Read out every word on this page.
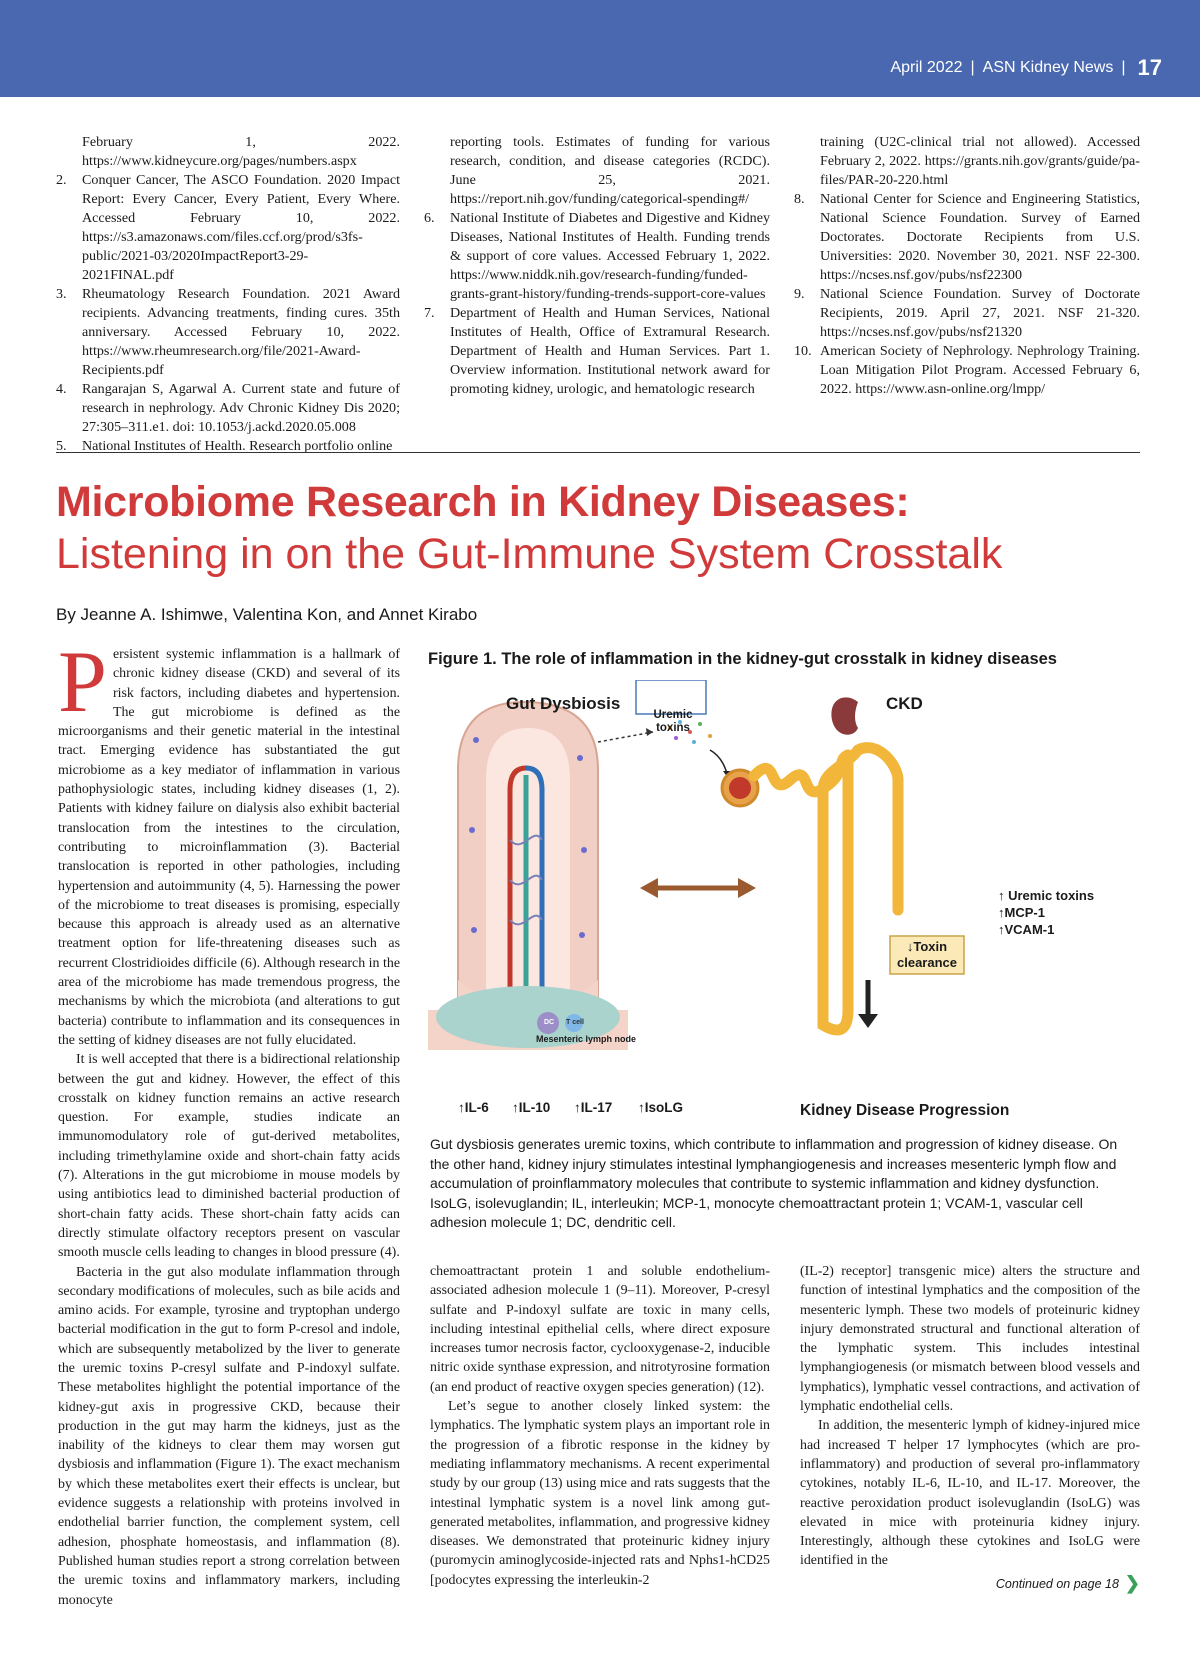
April 2022 | ASN Kidney News | 17
February 1, 2022. https://www.kidneycure.org/pages/numbers.aspx
2. Conquer Cancer, The ASCO Foundation. 2020 Impact Report: Every Cancer, Every Patient, Every Where. Accessed February 10, 2022. https://s3.amazonaws.com/files.ccf.org/prod/s3fs-public/2021-03/2020ImpactReport3-29-2021FINAL.pdf
3. Rheumatology Research Foundation. 2021 Award recipients. Advancing treatments, finding cures. 35th anniversary. Accessed February 10, 2022. https://www.rheumresearch.org/file/2021-Award-Recipients.pdf
4. Rangarajan S, Agarwal A. Current state and future of research in nephrology. Adv Chronic Kidney Dis 2020; 27:305–311.e1. doi: 10.1053/j.ackd.2020.05.008
5. National Institutes of Health. Research portfolio online
reporting tools. Estimates of funding for various research, condition, and disease categories (RCDC). June 25, 2021. https://report.nih.gov/funding/categorical-spending#/
6. National Institute of Diabetes and Digestive and Kidney Diseases, National Institutes of Health. Funding trends & support of core values. Accessed February 1, 2022. https://www.niddk.nih.gov/research-funding/funded-grants-grant-history/funding-trends-support-core-values
7. Department of Health and Human Services, National Institutes of Health, Office of Extramural Research. Department of Health and Human Services. Part 1. Overview information. Institutional network award for promoting kidney, urologic, and hematologic research
training (U2C-clinical trial not allowed). Accessed February 2, 2022. https://grants.nih.gov/grants/guide/pa-files/PAR-20-220.html
8. National Center for Science and Engineering Statistics, National Science Foundation. Survey of Earned Doctorates. Doctorate Recipients from U.S. Universities: 2020. November 30, 2021. NSF 22-300. https://ncses.nsf.gov/pubs/nsf22300
9. National Science Foundation. Survey of Doctorate Recipients, 2019. April 27, 2021. NSF 21-320. https://ncses.nsf.gov/pubs/nsf21320
10. American Society of Nephrology. Nephrology Training. Loan Mitigation Pilot Program. Accessed February 6, 2022. https://www.asn-online.org/lmpp/
Microbiome Research in Kidney Diseases:
Listening in on the Gut-Immune System Crosstalk
By Jeanne A. Ishimwe, Valentina Kon, and Annet Kirabo

Persistent systemic inflammation is a hallmark of chronic kidney disease (CKD) and several of its risk factors, including diabetes and hypertension. The gut microbiome is defined as the microorganisms and their genetic material in the intestinal tract. Emerging evidence has substantiated the gut microbiome as a key mediator of inflammation in various pathophysiologic states, including kidney diseases (1, 2). Patients with kidney failure on dialysis also exhibit bacterial translocation from the intestines to the circulation, contributing to microinflammation (3). Bacterial translocation is reported in other pathologies, including hypertension and autoimmunity (4, 5). Harnessing the power of the microbiome to treat diseases is promising, especially because this approach is already used as an alternative treatment option for life-threatening diseases such as recurrent Clostridioides difficile (6). Although research in the area of the microbiome has made tremendous progress, the mechanisms by which the microbiota (and alterations to gut bacteria) contribute to inflammation and its consequences in the setting of kidney diseases are not fully elucidated.

It is well accepted that there is a bidirectional relationship between the gut and kidney. However, the effect of this crosstalk on kidney function remains an active research question. For example, studies indicate an immunomodulatory role of gut-derived metabolites, including trimethylamine oxide and short-chain fatty acids (7). Alterations in the gut microbiome in mouse models by using antibiotics lead to diminished bacterial production of short-chain fatty acids. These short-chain fatty acids can directly stimulate olfactory receptors present on vascular smooth muscle cells leading to changes in blood pressure (4).

Bacteria in the gut also modulate inflammation through secondary modifications of molecules, such as bile acids and amino acids. For example, tyrosine and tryptophan undergo bacterial modification in the gut to form P-cresol and indole, which are subsequently metabolized by the liver to generate the uremic toxins P-cresyl sulfate and P-indoxyl sulfate. These metabolites highlight the potential importance of the kidney-gut axis in progressive CKD, because their production in the gut may harm the kidneys, just as the inability of the kidneys to clear them may worsen gut dysbiosis and inflammation (Figure 1). The exact mechanism by which these metabolites exert their effects is unclear, but evidence suggests a relationship with proteins involved in endothelial barrier function, the complement system, cell adhesion, phosphate homeostasis, and inflammation (8). Published human studies report a strong correlation between the uremic toxins and inflammatory markers, including monocyte

Figure 1. The role of inflammation in the kidney-gut crosstalk in kidney diseases
Gut Dysbiosis	CKD
Uremic toxins
↑ Uremic toxins
↑MCP-1
↑VCAM-1
↓Toxin clearance
Mesenteric lymph node
DC T cell
↑IL-6 ↑IL-10 ↑IL-17 ↑IsoLG	Kidney Disease Progression
Gut dysbiosis generates uremic toxins, which contribute to inflammation and progression of kidney disease. On the other hand, kidney injury stimulates intestinal lymphangiogenesis and increases mesenteric lymph flow and accumulation of proinflammatory molecules that contribute to systemic inflammation and kidney dysfunction. IsoLG, isolevuglandin; IL, interleukin; MCP-1, monocyte chemoattractant protein 1; VCAM-1, vascular cell adhesion molecule 1; DC, dendritic cell.

chemoattractant protein 1 and soluble endothelium-associated adhesion molecule 1 (9–11). Moreover, P-cresyl sulfate and P-indoxyl sulfate are toxic in many cells, including intestinal epithelial cells, where direct exposure increases tumor necrosis factor, cyclooxygenase-2, inducible nitric oxide synthase expression, and nitrotyrosine formation (an end product of reactive oxygen species generation) (12).

Let’s segue to another closely linked system: the lymphatics. The lymphatic system plays an important role in the progression of a fibrotic response in the kidney by mediating inflammatory mechanisms. A recent experimental study by our group (13) using mice and rats suggests that the intestinal lymphatic system is a novel link among gut-generated metabolites, inflammation, and progressive kidney diseases. We demonstrated that proteinuric kidney injury (puromycin aminoglycoside-injected rats and Nphs1-hCD25 [podocytes expressing the interleukin-2

(IL-2) receptor] transgenic mice) alters the structure and function of intestinal lymphatics and the composition of the mesenteric lymph. These two models of proteinuric kidney injury demonstrated structural and functional alteration of the lymphatic system. This includes intestinal lymphangiogenesis (or mismatch between blood vessels and lymphatics), lymphatic vessel contractions, and activation of lymphatic endothelial cells.

In addition, the mesenteric lymph of kidney-injured mice had increased T helper 17 lymphocytes (which are pro-inflammatory) and production of several pro-inflammatory cytokines, notably IL-6, IL-10, and IL-17. Moreover, the reactive peroxidation product isolevuglandin (IsoLG) was elevated in mice with proteinuria kidney injury. Interestingly, although these cytokines and IsoLG were identified in the

Continued on page 18 ❯
